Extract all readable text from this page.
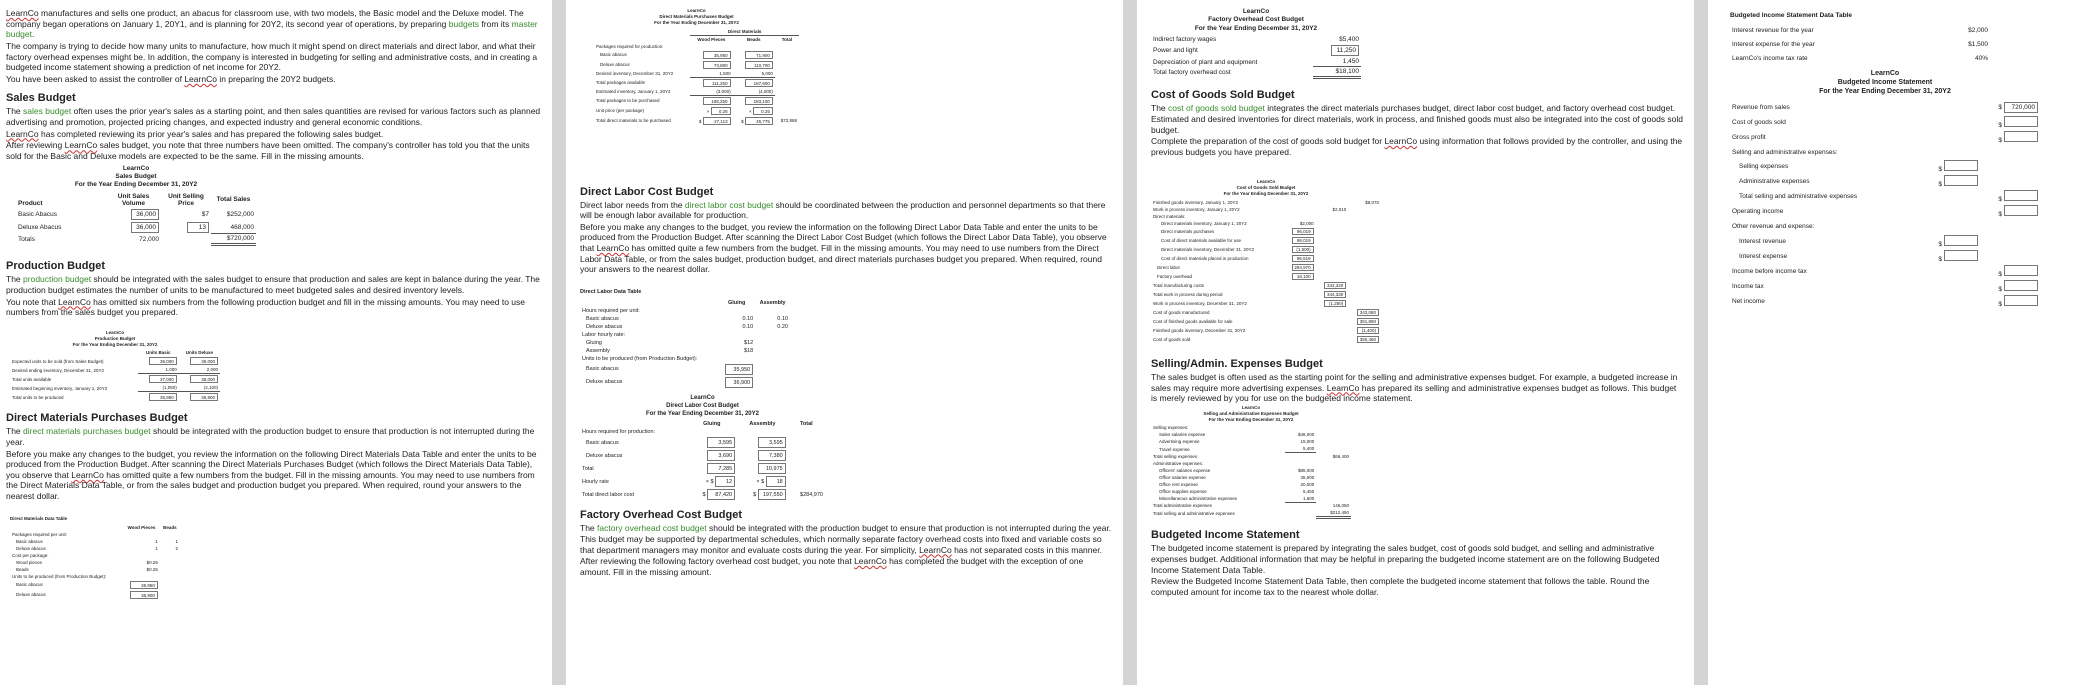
LearnCo manufactures and sells one product, an abacus for classroom use, with two models, the Basic model and the Deluxe model. The company began operations on January 1, 20Y1, and is planning for 20Y2, its second year of operations, by preparing budgets from its master budget.

The company is trying to decide how many units to manufacture, how much it might spend on direct materials and direct labor, and what their factory overhead expenses might be. In addition, the company is interested in budgeting for selling and administrative costs, and in creating a budgeted income statement showing a prediction of net income for 20Y2.

You have been asked to assist the controller of LearnCo in preparing the 20Y2 budgets.

Sales Budget

The sales budget often uses the prior year's sales as a starting point, and then sales quantities are revised for various factors such as planned advertising and promotion, projected pricing changes, and expected industry and general economic conditions.

LearnCo has completed reviewing its prior year's sales and has prepared the following sales budget.

After reviewing LearnCo sales budget, you note that three numbers have been omitted. The company's controller has told you that the units sold for the Basic and Deluxe models are expected to be the same. Fill in the missing amounts.

LearnCo
Sales Budget
For the Year Ending December 31, 20Y2
Product	Unit Sales Volume	Unit Selling Price	Total Sales
Basic Abacus	36,000	$7	$252,000
Deluxe Abacus	36,000	13	468,000
Totals	72,000		$720,000
Production Budget

The production budget should be integrated with the sales budget to ensure that production and sales are kept in balance during the year. The production budget estimates the number of units to be manufactured to meet budgeted sales and desired inventory levels.

You note that LearnCo has omitted six numbers from the following production budget and fill in the missing amounts. You may need to use numbers from the sales budget you prepared.

LearnCo
Production Budget
For the Year Ending December 31, 20Y2
	Units Basic	Units Deluxe
Expected units to be sold (from Sales Budget)	36,000	36,000
Desired ending inventory, December 31, 20Y2	1,000	2,000
Total units available	37,000	38,000
Estimated beginning inventory, January 1, 20Y2	(1,050)	(2,100)
Total units to be produced	35,950	36,900
Direct Materials Purchases Budget

The direct materials purchases budget should be integrated with the production budget to ensure that production is not interrupted during the year.

Before you make any changes to the budget, you review the information on the following Direct Materials Data Table and enter the units to be produced from the Production Budget. After scanning the Direct Materials Purchases Budget (which follows the Direct Materials Data Table), you observe that LearnCo has omitted quite a few numbers from the budget. Fill in the missing amounts. You may need to use numbers from the Direct Materials Data Table, or from the sales budget and production budget you prepared. When required, round your answers to the nearest dollar.

Direct Materials Data Table
	Wood Pieces	Beads
Packages required per unit:		
Basic abacus	1	1
Deluxe abacus	1	2
Cost per package:		
Wood pieces	$0.25	
Beads	$0.25	
Units to be produced (from Production Budget):		
Basic abacus	35,950	
Deluxe abacus	36,900	
LearnCo
Direct Materials Purchases Budget
For the Year Ending December 31, 20Y2
	Direct Materials		
	Wood Pieces	Beads	Total
Packages required for production:			
Basic abacus	35,950	71,900	
Deluxe abacus	73,800	110,700	
Desired inventory, December 31, 20Y2	1,500	5,000	
Total packages available	111,250	187,600	
Estimated inventory, January 1, 20Y2	(3,000)	(4,000)	
Total packages to be purchased	108,250	183,100	
Unit price (per package)	× 0.25	× 0.25	
Total direct materials to be purchased	$ 27,113	$ 45,775	$72,888
Direct Labor Cost Budget

Direct labor needs from the direct labor cost budget should be coordinated between the production and personnel departments so that there will be enough labor available for production.

Before you make any changes to the budget, you review the information on the following Direct Labor Data Table and enter the units to be produced from the Production Budget. After scanning the Direct Labor Cost Budget (which follows the Direct Labor Data Table), you observe that LearnCo has omitted quite a few numbers from the budget. Fill in the missing amounts. You may need to use numbers from the Direct Labor Data Table, or from the sales budget, production budget, and direct materials purchases budget you prepared. When required, round your answers to the nearest dollar.

Direct Labor Data Table
	Gluing	Assembly
Hours required per unit:		
Basic abacus	0.10	0.10
Deluxe abacus	0.10	0.20
Labor hourly rate:		
Gluing	$12	
Assembly	$18	
Units to be produced (from Production Budget):		
Basic abacus	35,950	
Deluxe abacus	36,900	
LearnCo
Direct Labor Cost Budget
For the Year Ending December 31, 20Y2
	Gluing	Assembly	Total
Hours required for production:			
Basic abacus	3,595	3,595	
Deluxe abacus	3,690	7,380	
Total	7,285	10,975	
Hourly rate	× $ 12	× $ 18	
Total direct labor cost	$ 87,420	$ 197,550	$284,970
Factory Overhead Cost Budget

The factory overhead cost budget should be integrated with the production budget to ensure that production is not interrupted during the year. This budget may be supported by departmental schedules, which normally separate factory overhead costs into fixed and variable costs so that department managers may monitor and evaluate costs during the year. For simplicity, LearnCo has not separated costs in this manner.

After reviewing the following factory overhead cost budget, you note that LearnCo has completed the budget with the exception of one amount. Fill in the missing amount.

LearnCo
Factory Overhead Cost Budget
For the Year Ending December 31, 20Y2
Indirect factory wages	$5,400
Power and light	11,250
Depreciation of plant and equipment	1,450
Total factory overhead cost	$18,100
Cost of Goods Sold Budget

The cost of goods sold budget integrates the direct materials purchases budget, direct labor cost budget, and factory overhead cost budget. Estimated and desired inventories for direct materials, work in process, and finished goods must also be integrated into the cost of goods sold budget.

Complete the preparation of the cost of goods sold budget for LearnCo using information that follows provided by the controller, and using the previous budgets you have prepared.

LearnCo
Cost of Goods Sold Budget
For the Year Ending December 31, 20Y2
Finished goods inventory, January 1, 20Y2			$8,070
Work in process inventory, January 1, 20Y2		$2,010	
Direct materials:			
Direct materials inventory, January 1, 20Y2	$2,000		
Direct materials purchases	96,019		
Cost of direct materials available for use	98,019		
Direct materials inventory, December 31, 20Y2	(1,500)		
Cost of direct materials placed in production	96,519		
Direct labor	284,970		
Factory overhead	18,100		
Total manufacturing costs		342,320	
Total work in process during period		344,330	
Work in process inventory, December 31, 20Y2		(1,250)	
Cost of goods manufactured			343,080
Cost of finished goods available for sale			351,850
Finished goods inventory, December 31, 20Y2			(1,400)
Cost of goods sold			350,450
Selling/Admin. Expenses Budget

The sales budget is often used as the starting point for the selling and administrative expenses budget. For example, a budgeted increase in sales may require more advertising expenses. LearnCo has prepared its selling and administrative expenses budget as follows. This budget is merely reviewed by you for use on the budgeted income statement.

LearnCo
Selling and Administrative Expenses Budget
For the Year Ending December 31, 20Y2
Selling expenses:		
Sales salaries expense	$46,000	
Advertising expense	15,000	
Travel expense	5,400	
Total selling expenses		$66,400
Administrative expenses:		
Officers' salaries expense	$85,000	
Office salaries expense	35,000	
Office rent expense	20,000	
Office supplies expense	5,450	
Miscellaneous administrative expenses	1,600	
Total administrative expenses		146,050
Total selling and administrative expenses		$212,450
Budgeted Income Statement

The budgeted income statement is prepared by integrating the sales budget, cost of goods sold budget, and selling and administrative expenses budget. Additional information that may be helpful in preparing the budgeted income statement are on the following Budgeted Income Statement Data Table.

Review the Budgeted Income Statement Data Table, then complete the budgeted income statement that follows the table. Round the computed amount for income tax to the nearest whole dollar.

Budgeted Income Statement Data Table
Interest revenue for the year	$2,000
Interest expense for the year	$1,500
LearnCo's income tax rate	40%
LearnCo
Budgeted Income Statement
For the Year Ending December 31, 20Y2
Revenue from sales		$ 720,000
Cost of goods sold		$
Gross profit		$
Selling and administrative expenses:		
Selling expenses	$	
Administrative expenses	$	
Total selling and administrative expenses		$
Operating income		$
Other revenue and expense:		
Interest revenue	$	
Interest expense	$	
Income before income tax		$
Income tax		$
Net income		$
